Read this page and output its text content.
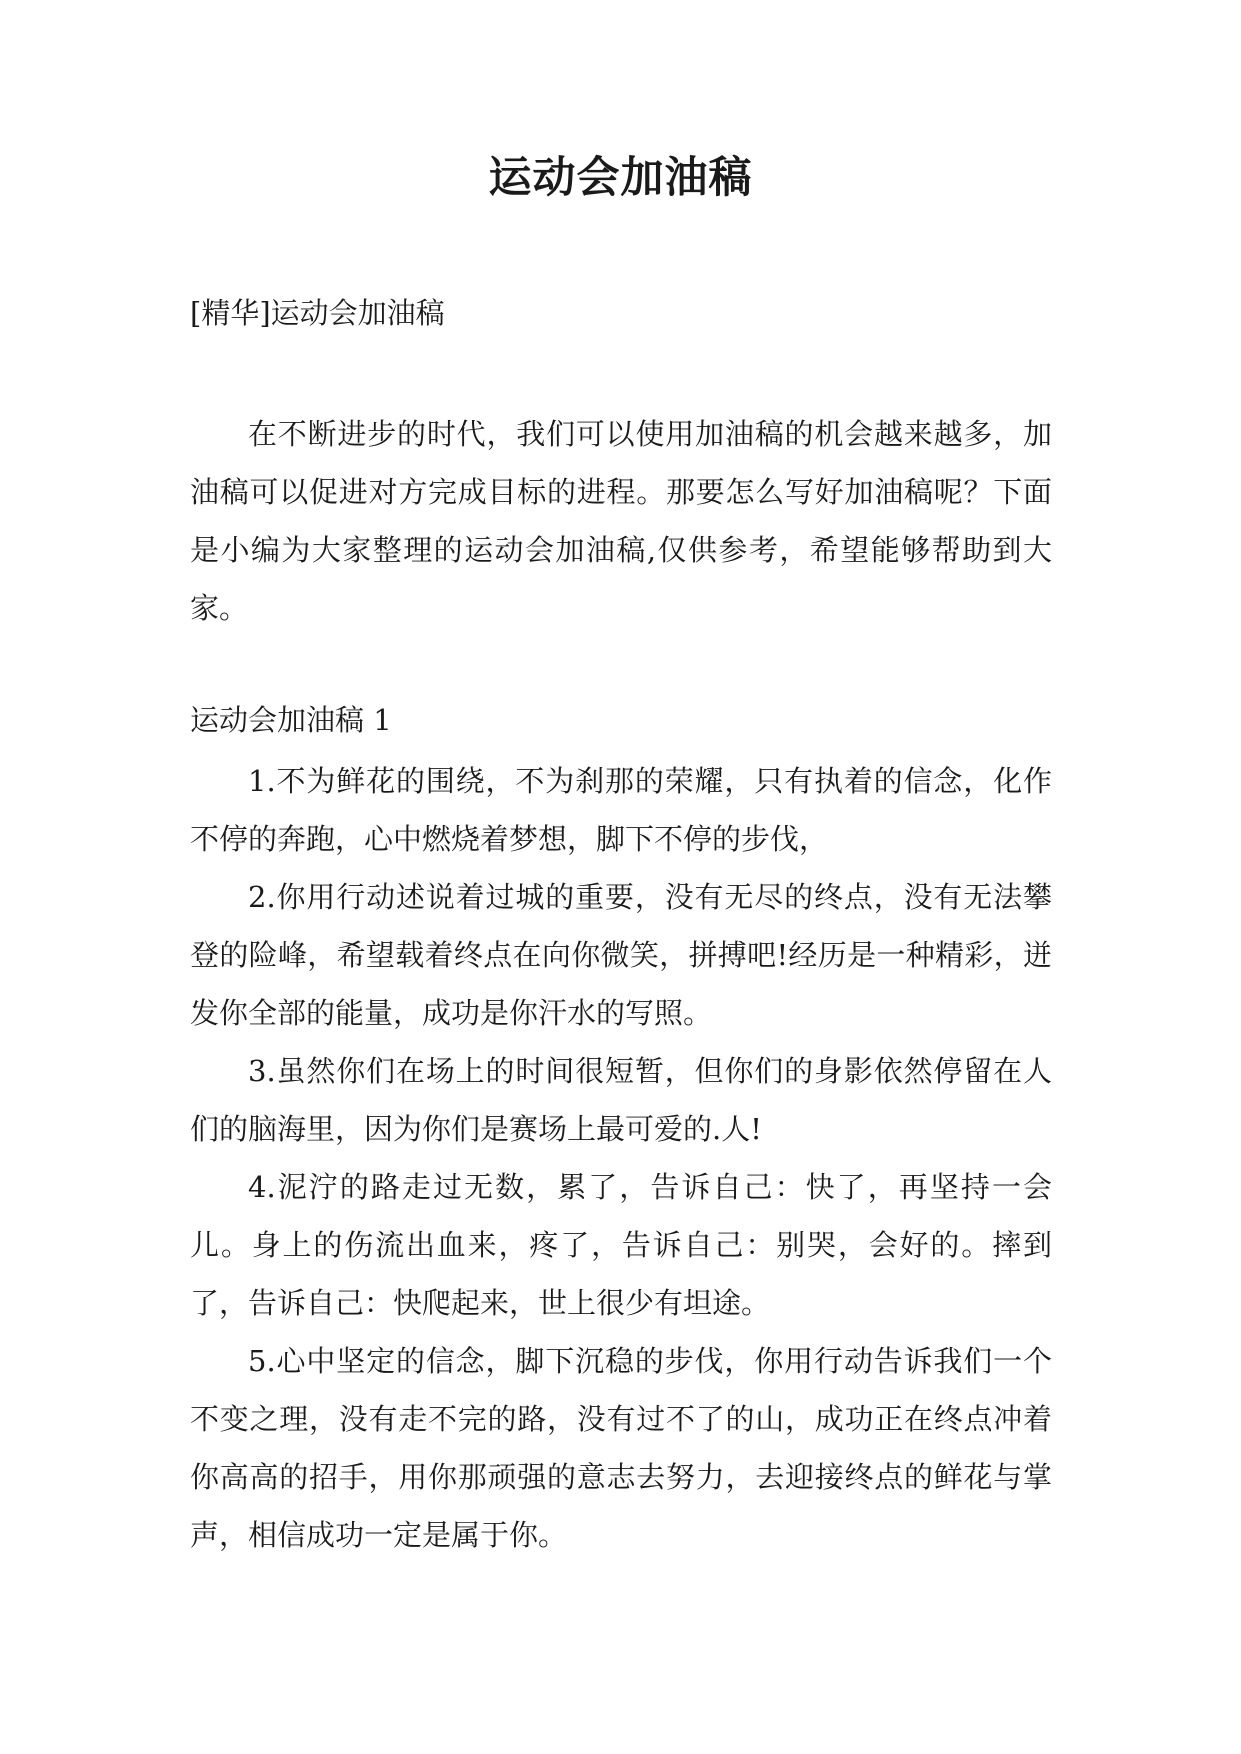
运动会加油稿

[精华]运动会加油稿

在不断进步的时代，我们可以使用加油稿的机会越来越多，加油稿可以促进对方完成目标的进程。那要怎么写好加油稿呢？下面是小编为大家整理的运动会加油稿,仅供参考，希望能够帮助到大家。

运动会加油稿 1

1.不为鲜花的围绕，不为刹那的荣耀，只有执着的信念，化作不停的奔跑，心中燃烧着梦想，脚下不停的步伐，
2.你用行动述说着过城的重要，没有无尽的终点，没有无法攀登的险峰，希望载着终点在向你微笑，拼搏吧!经历是一种精彩，迸发你全部的能量，成功是你汗水的写照。
3.虽然你们在场上的时间很短暂，但你们的身影依然停留在人们的脑海里，因为你们是赛场上最可爱的.人!
4.泥泞的路走过无数，累了，告诉自己：快了，再坚持一会儿。身上的伤流出血来，疼了，告诉自己：别哭，会好的。摔到了，告诉自己：快爬起来，世上很少有坦途。
5.心中坚定的信念，脚下沉稳的步伐，你用行动告诉我们一个不变之理，没有走不完的路，没有过不了的山，成功正在终点冲着你高高的招手，用你那顽强的意志去努力，去迎接终点的鲜花与掌声，相信成功一定是属于你。
